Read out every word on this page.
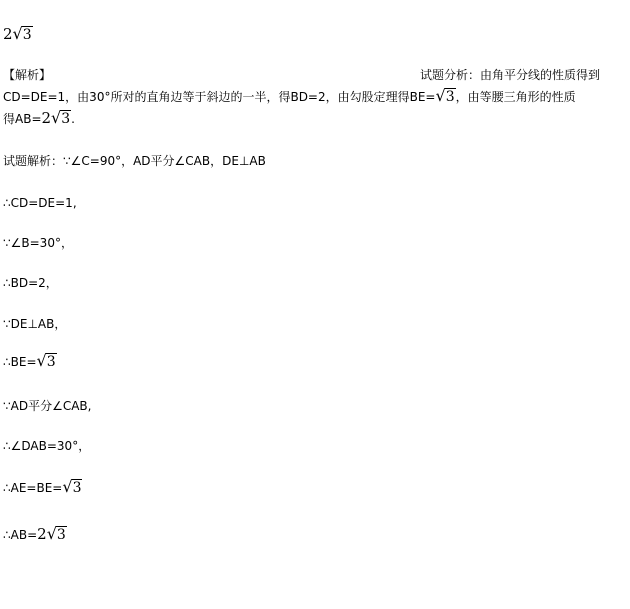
2√3
【解析】	试题分析：由角平分线的性质得到
CD=DE=1，由30°所对的直角边等于斜边的一半，得BD=2，由勾股定理得BE=√3，由等腰三角形的性质
得AB=2√3.
试题解析：∵∠C=90°，AD平分∠CAB，DE⊥AB
∴CD=DE=1,
∵∠B=30°，
∴BD=2，
∵DE⊥AB，
∴BE=√3
∵AD平分∠CAB,
∴∠DAB=30°，
∴AE=BE=√3
∴AB=2√3
